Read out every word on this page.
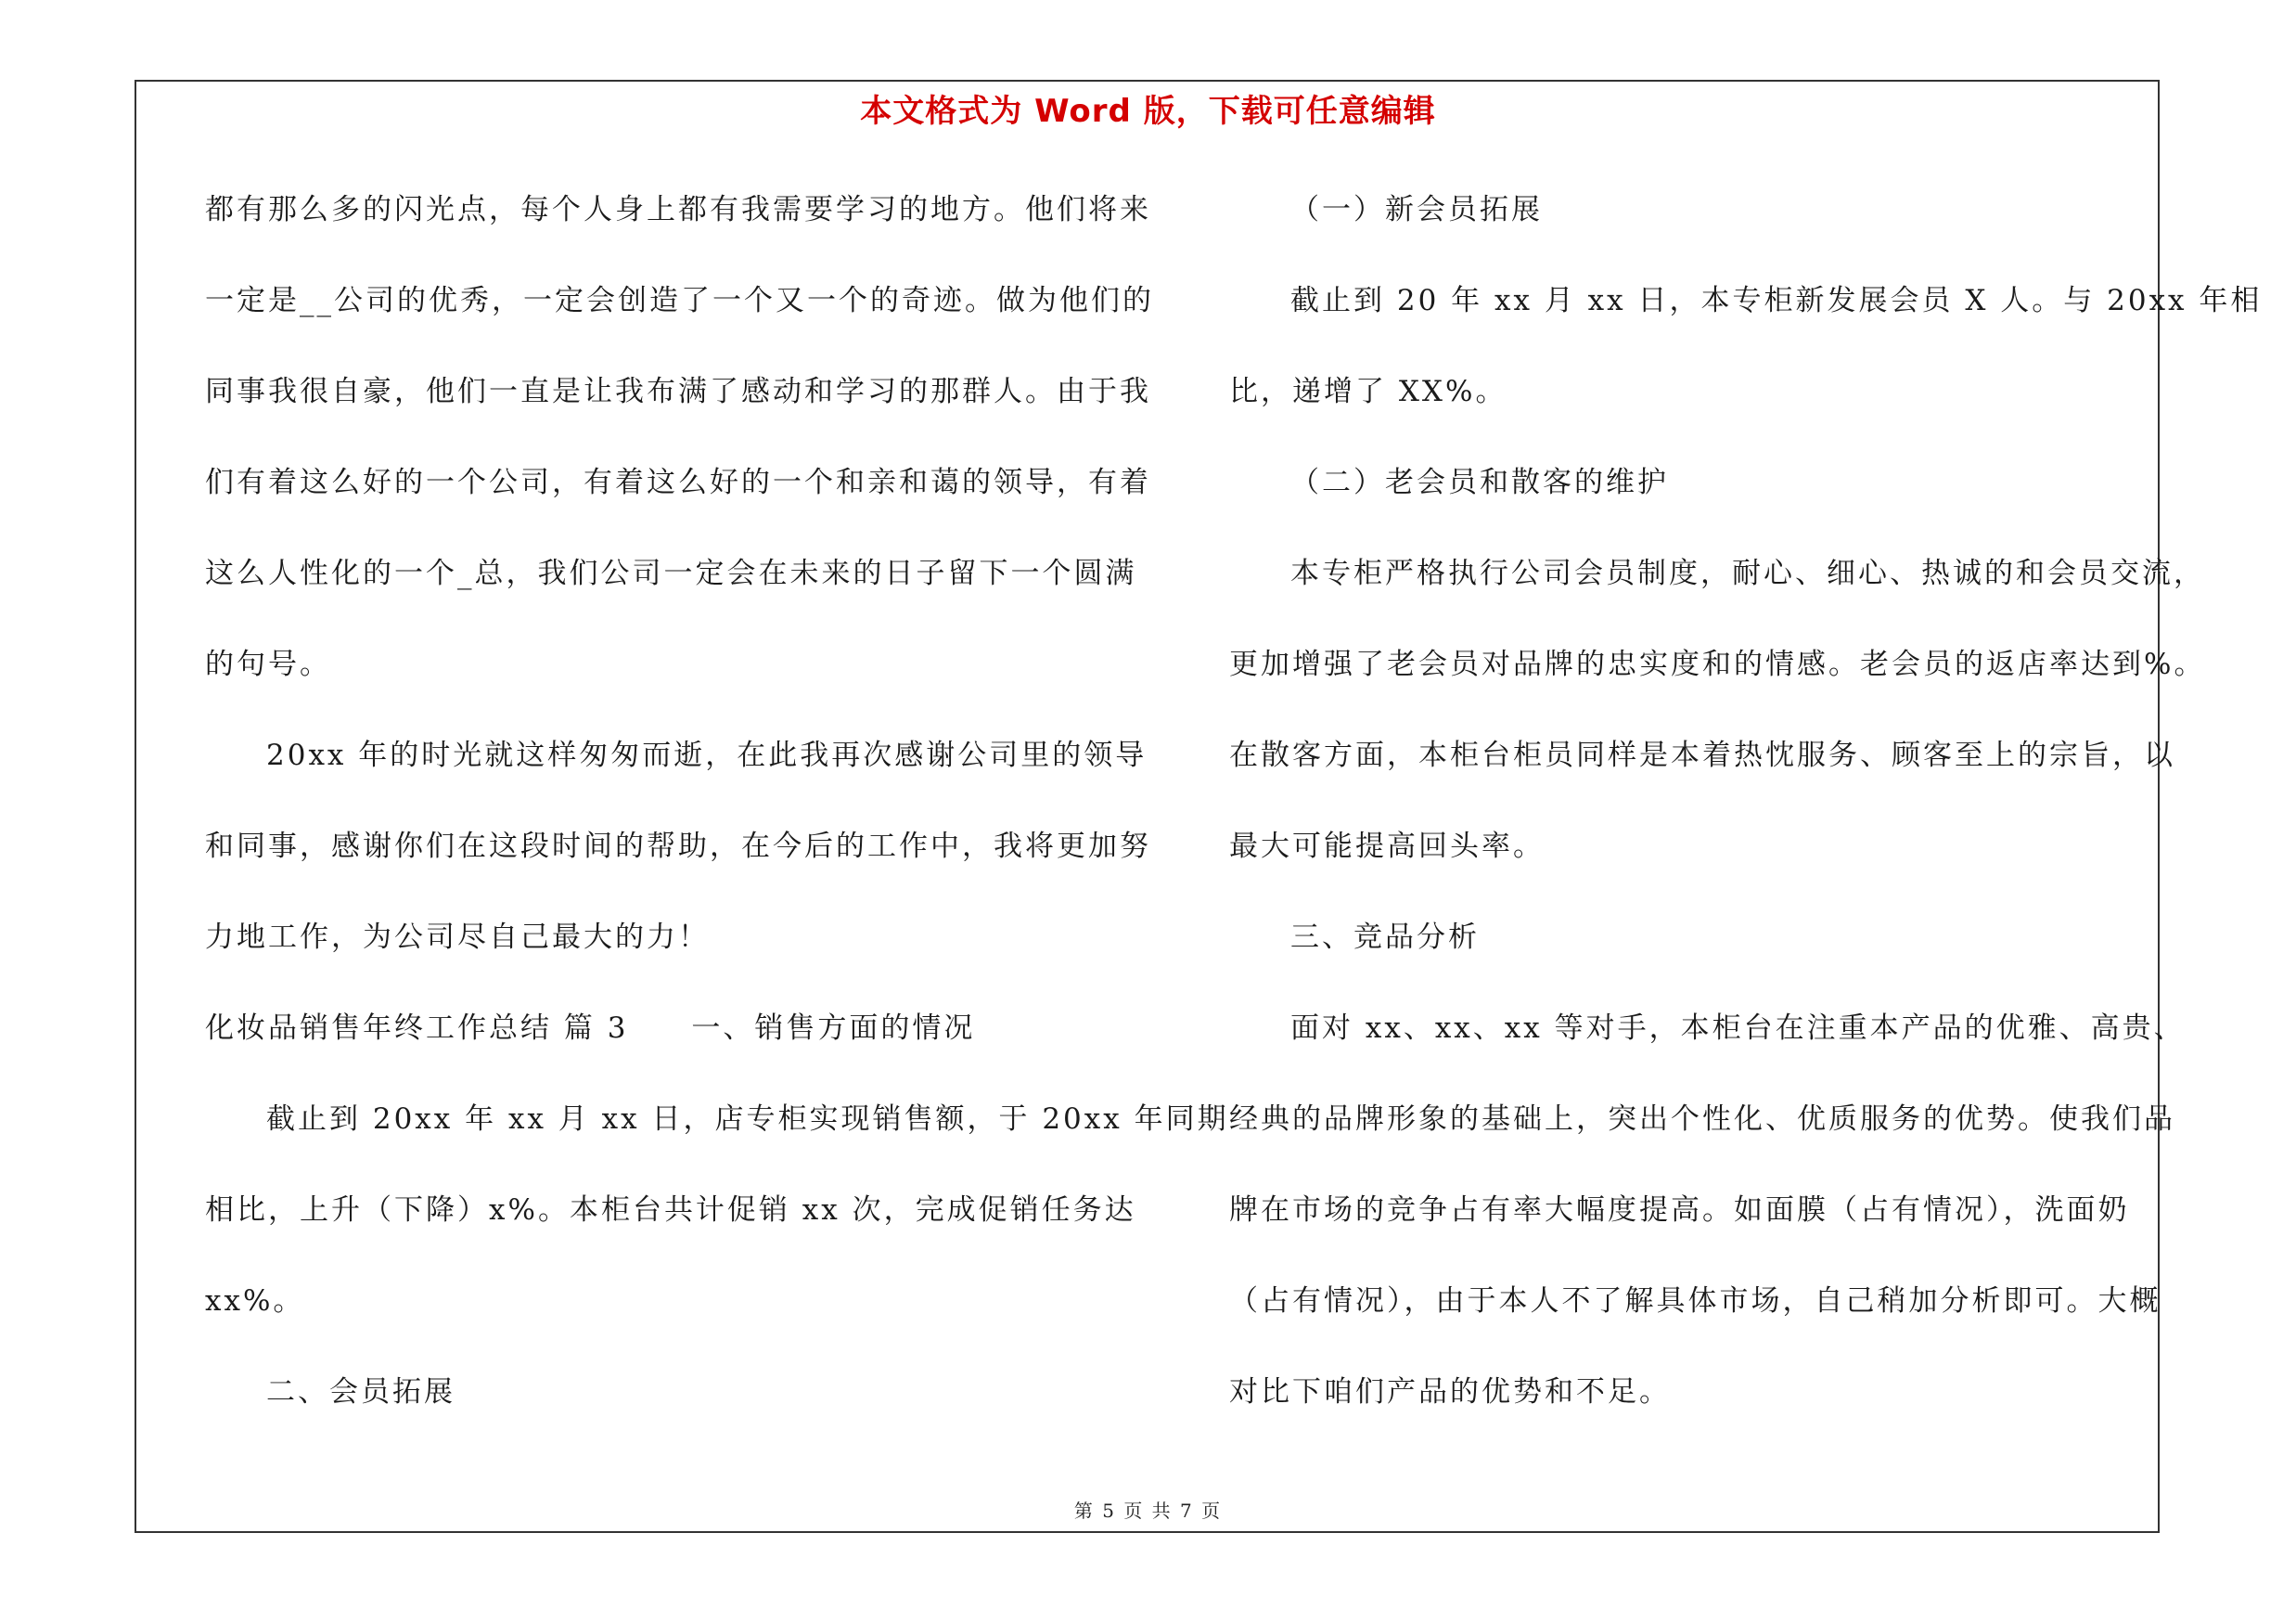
本文格式为 Word 版，下载可任意编辑
都有那么多的闪光点，每个人身上都有我需要学习的地方。他们将来
一定是__公司的优秀，一定会创造了一个又一个的奇迹。做为他们的
同事我很自豪，他们一直是让我布满了感动和学习的那群人。由于我
们有着这么好的一个公司，有着这么好的一个和亲和蔼的领导，有着
这么人性化的一个_总，我们公司一定会在未来的日子留下一个圆满
的句号。
20xx 年的时光就这样匆匆而逝，在此我再次感谢公司里的领导
和同事，感谢你们在这段时间的帮助，在今后的工作中，我将更加努
力地工作，为公司尽自己最大的力！
化妆品销售年终工作总结 篇 3　　一、销售方面的情况
截止到 20xx 年 xx 月 xx 日，店专柜实现销售额，于 20xx 年同期
相比，上升（下降）x%。本柜台共计促销 xx 次，完成促销任务达
xx%。
二、会员拓展
（一）新会员拓展
截止到 20 年 xx 月 xx 日，本专柜新发展会员 X 人。与 20xx 年相
比，递增了 XX%。
（二）老会员和散客的维护
本专柜严格执行公司会员制度，耐心、细心、热诚的和会员交流，
更加增强了老会员对品牌的忠实度和的情感。老会员的返店率达到%。
在散客方面，本柜台柜员同样是本着热忱服务、顾客至上的宗旨，以
最大可能提高回头率。
三、竞品分析
面对 xx、xx、xx 等对手，本柜台在注重本产品的优雅、高贵、
经典的品牌形象的基础上，突出个性化、优质服务的优势。使我们品
牌在市场的竞争占有率大幅度提高。如面膜（占有情况），洗面奶
（占有情况），由于本人不了解具体市场，自己稍加分析即可。大概
对比下咱们产品的优势和不足。
第 5 页 共 7 页
